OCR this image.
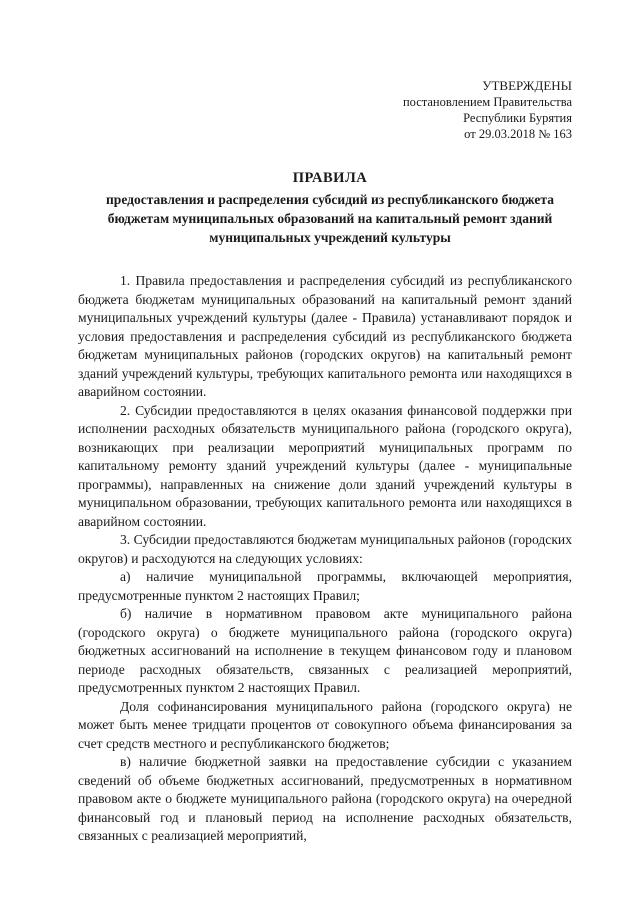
УТВЕРЖДЕНЫ
постановлением Правительства
Республики Бурятия
от 29.03.2018 № 163
ПРАВИЛА
предоставления и распределения субсидий из республиканского бюджета бюджетам муниципальных образований на капитальный ремонт зданий муниципальных учреждений культуры

1. Правила предоставления и распределения субсидий из республиканского бюджета бюджетам муниципальных образований на капитальный ремонт зданий муниципальных учреждений культуры (далее - Правила) устанавливают порядок и условия предоставления и распределения субсидий из республиканского бюджета бюджетам муниципальных районов (городских округов) на капитальный ремонт зданий учреждений культуры, требующих капитального ремонта или находящихся в аварийном состоянии.

2. Субсидии предоставляются в целях оказания финансовой поддержки при исполнении расходных обязательств муниципального района (городского округа), возникающих при реализации мероприятий муниципальных программ по капитальному ремонту зданий учреждений культуры (далее - муниципальные программы), направленных на снижение доли зданий учреждений культуры в муниципальном образовании, требующих капитального ремонта или находящихся в аварийном состоянии.

3. Субсидии предоставляются бюджетам муниципальных районов (городских округов) и расходуются на следующих условиях:

а) наличие муниципальной программы, включающей мероприятия, предусмотренные пунктом 2 настоящих Правил;

б) наличие в нормативном правовом акте муниципального района (городского округа) о бюджете муниципального района (городского округа) бюджетных ассигнований на исполнение в текущем финансовом году и плановом периоде расходных обязательств, связанных с реализацией мероприятий, предусмотренных пунктом 2 настоящих Правил.

Доля софинансирования муниципального района (городского округа) не может быть менее тридцати процентов от совокупного объема финансирования за счет средств местного и республиканского бюджетов;

в) наличие бюджетной заявки на предоставление субсидии с указанием сведений об объеме бюджетных ассигнований, предусмотренных в нормативном правовом акте о бюджете муниципального района (городского округа) на очередной финансовый год и плановый период на исполнение расходных обязательств, связанных с реализацией мероприятий,
